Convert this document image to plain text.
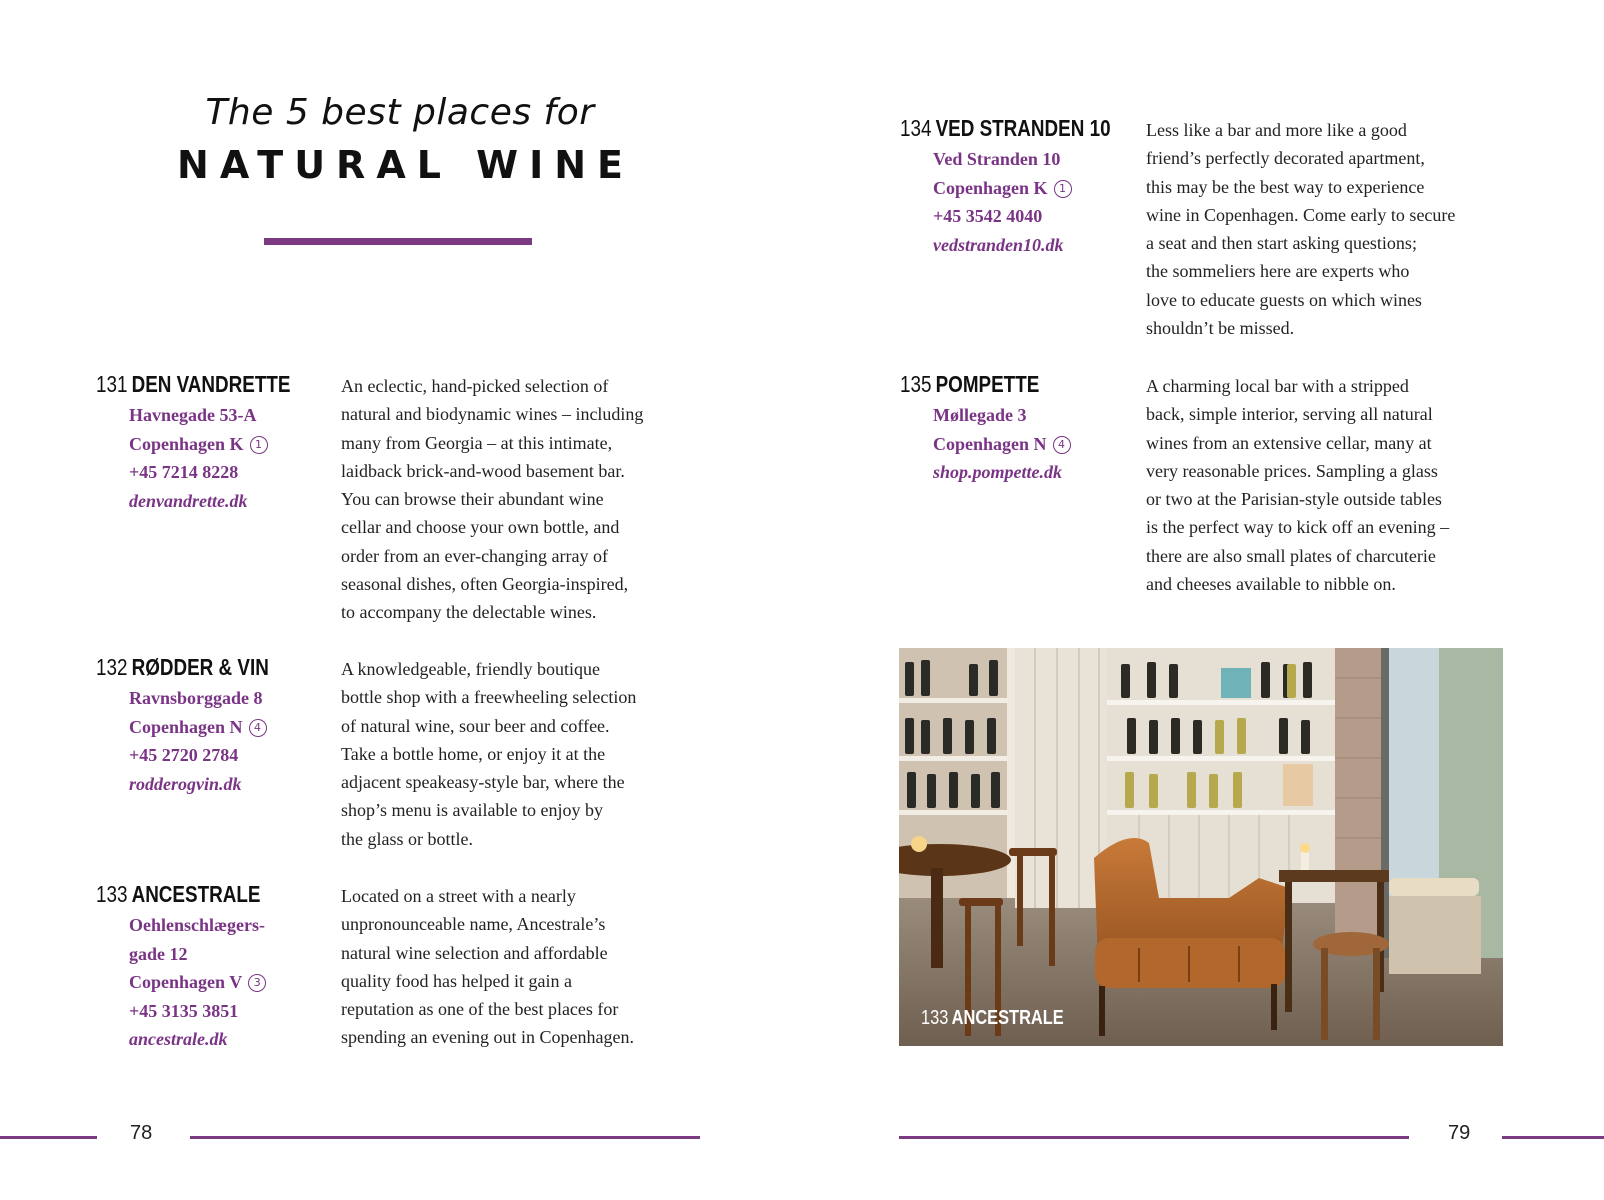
The 5 best places for
NATURAL WINE
131 DEN VANDRETTE
Havnegade 53-A
Copenhagen K 1
+45 7214 8228
denvandrette.dk
An eclectic, hand-picked selection of
natural and biodynamic wines – including
many from Georgia – at this intimate,
laidback brick-and-wood basement bar.
You can browse their abundant wine
cellar and choose your own bottle, and
order from an ever-changing array of
seasonal dishes, often Georgia-inspired,
to accompany the delectable wines.
132 RØDDER & VIN
Ravnsborggade 8
Copenhagen N 4
+45 2720 2784
rodderogvin.dk
A knowledgeable, friendly boutique
bottle shop with a freewheeling selection
of natural wine, sour beer and coffee.
Take a bottle home, or enjoy it at the
adjacent speakeasy-style bar, where the
shop’s menu is available to enjoy by
the glass or bottle.
133 ANCESTRALE
Oehlenschlægers-
gade 12
Copenhagen V 3
+45 3135 3851
ancestrale.dk
Located on a street with a nearly
unpronounceable name, Ancestrale’s
natural wine selection and affordable
quality food has helped it gain a
reputation as one of the best places for
spending an evening out in Copenhagen.
134 VED STRANDEN 10
Ved Stranden 10
Copenhagen K 1
+45 3542 4040
vedstranden10.dk
Less like a bar and more like a good
friend’s perfectly decorated apartment,
this may be the best way to experience
wine in Copenhagen. Come early to secure
a seat and then start asking questions;
the sommeliers here are experts who
love to educate guests on which wines
shouldn’t be missed.
135 POMPETTE
Møllegade 3
Copenhagen N 4
shop.pompette.dk
A charming local bar with a stripped
back, simple interior, serving all natural
wines from an extensive cellar, many at
very reasonable prices. Sampling a glass
or two at the Parisian-style outside tables
is the perfect way to kick off an evening –
there are also small plates of charcuterie
and cheeses available to nibble on.
133 ANCESTRALE
78	79
